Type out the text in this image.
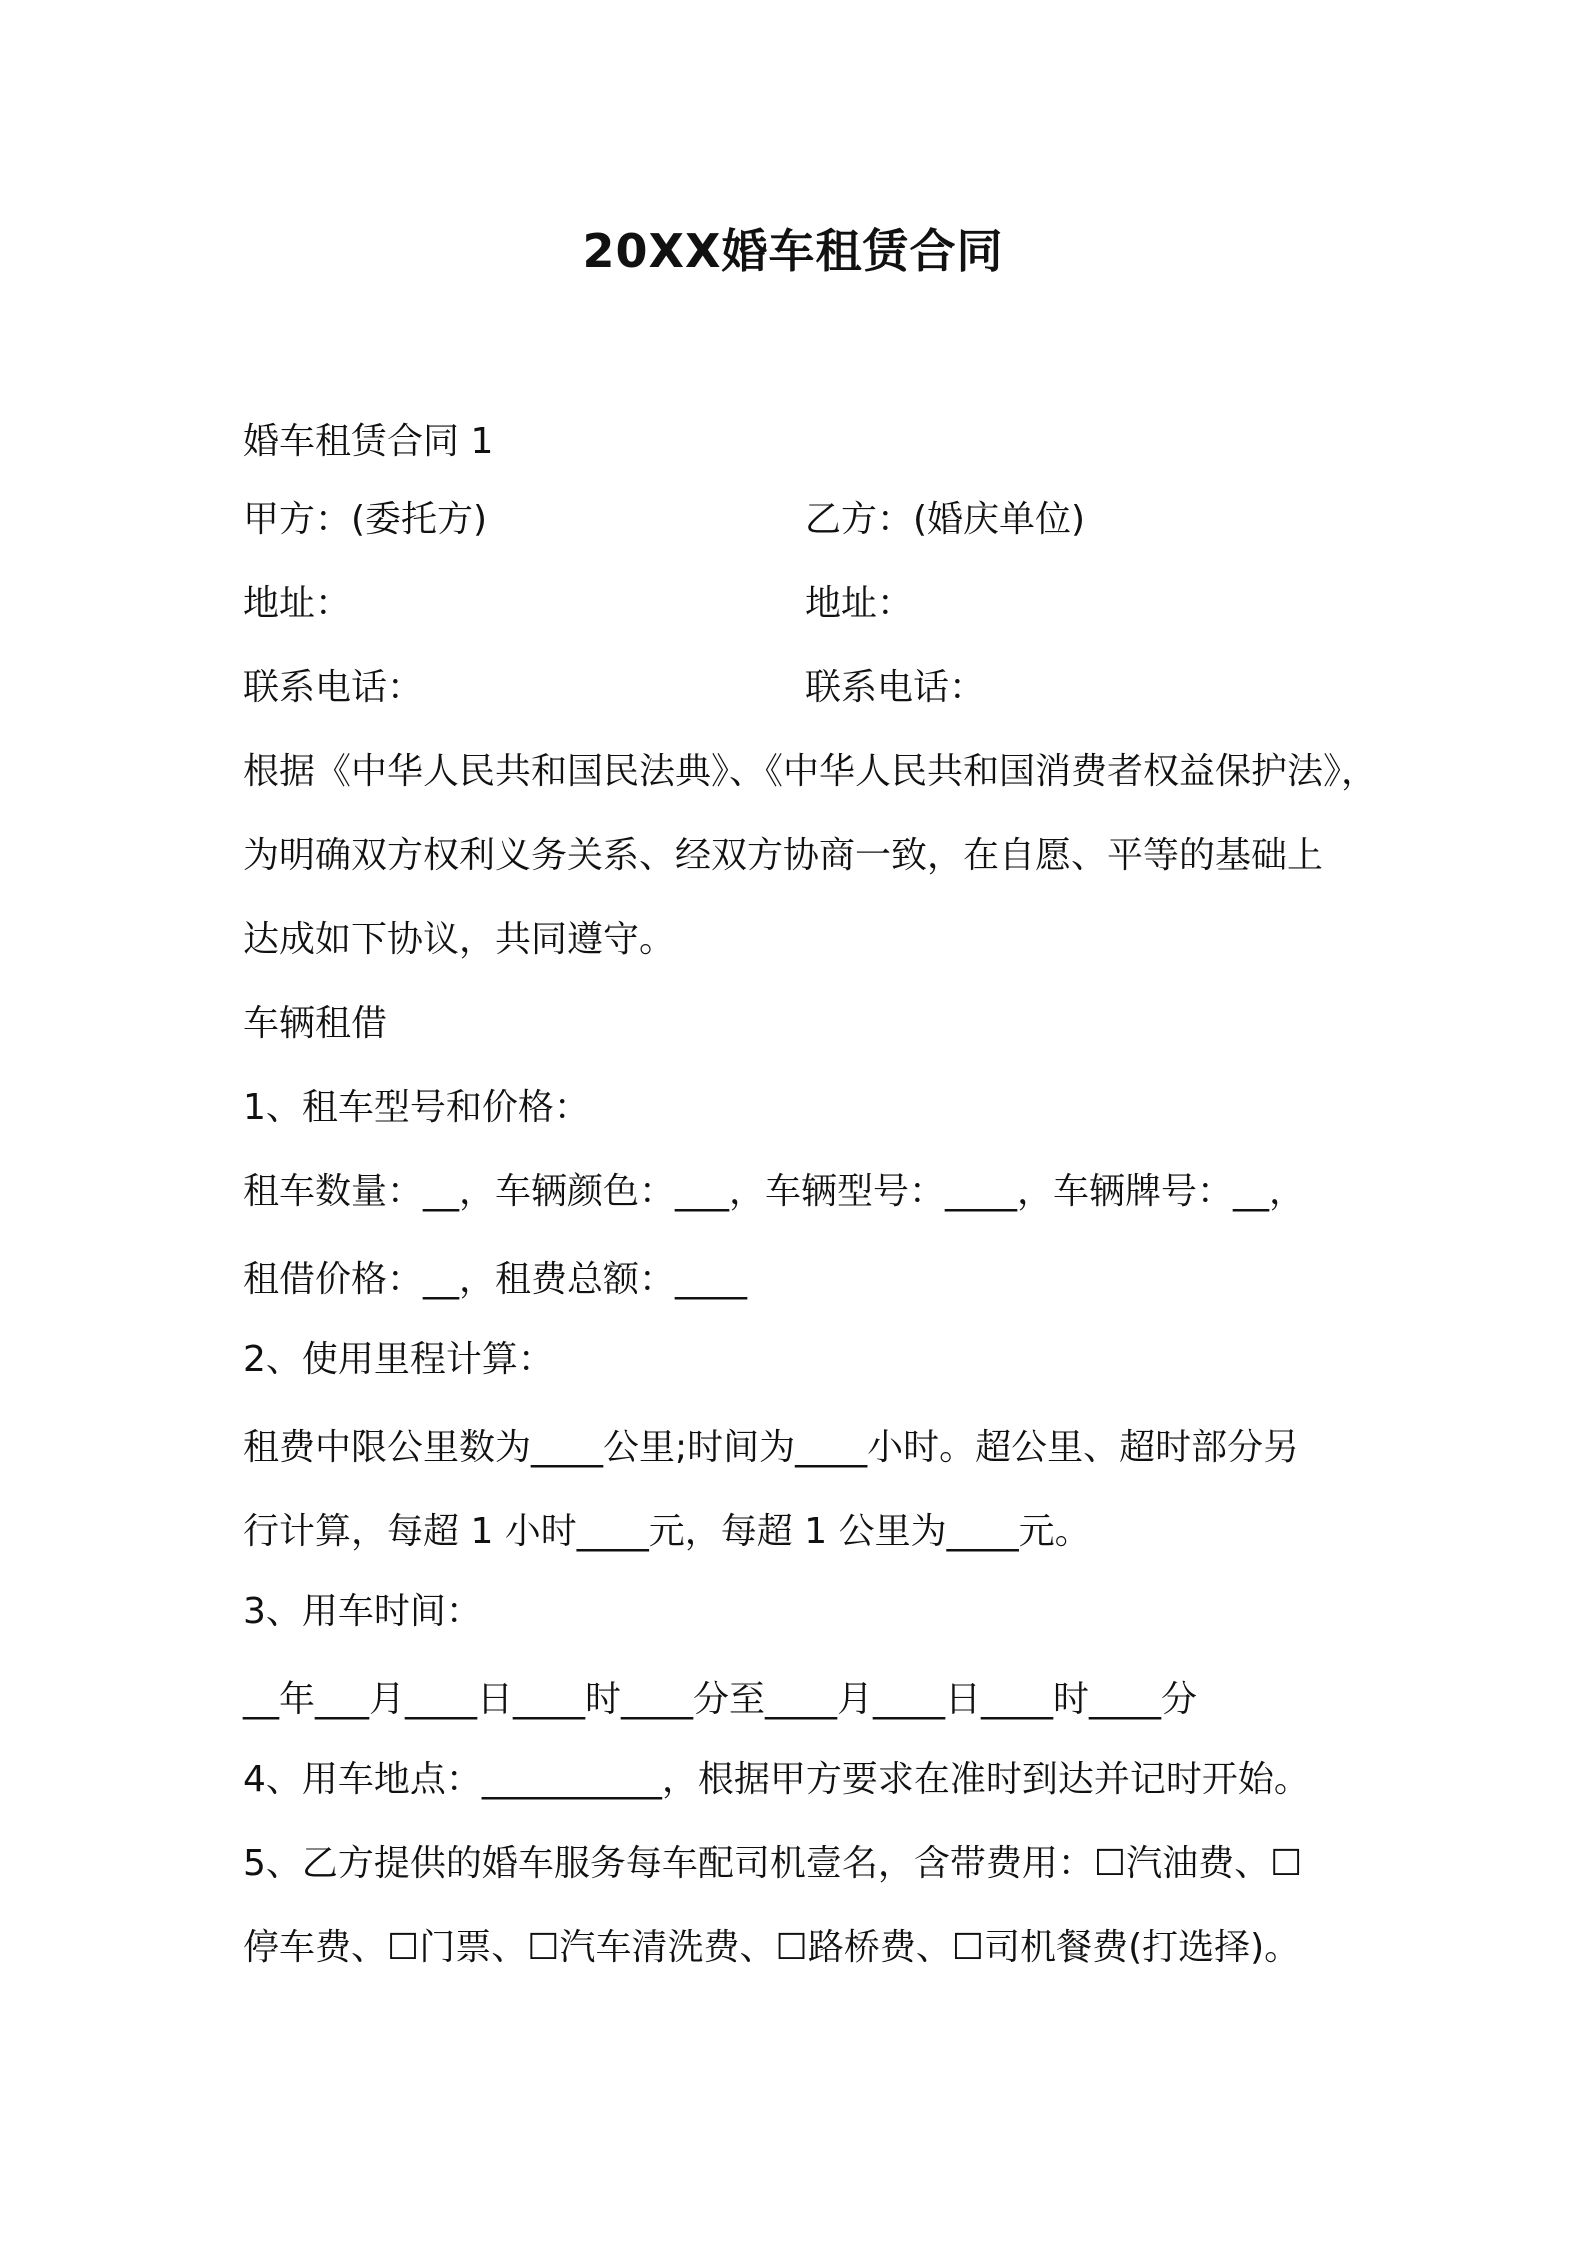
20XX婚车租赁合同
婚车租赁合同 1
甲方：(委托方)	乙方：(婚庆单位)
地址：	地址：
联系电话：	联系电话：
根据《中华人民共和国民法典》、《中华人民共和国消费者权益保护法》，
为明确双方权利义务关系、经双方协商一致，在自愿、平等的基础上
达成如下协议，共同遵守。
车辆租借
1、租车型号和价格：
租车数量：__，车辆颜色：___，车辆型号：____，车辆牌号：__，
租借价格：__，租费总额：____
2、使用里程计算：
租费中限公里数为____公里;时间为____小时。超公里、超时部分另
行计算，每超 1 小时____元，每超 1 公里为____元。
3、用车时间：
__年___月____日____时____分至____月____日____时____分
4、用车地点：__________，根据甲方要求在准时到达并记时开始。
5、乙方提供的婚车服务每车配司机壹名，含带费用：☐汽油费、☐
停车费、☐门票、☐汽车清洗费、☐路桥费、☐司机餐费(打选择)。
